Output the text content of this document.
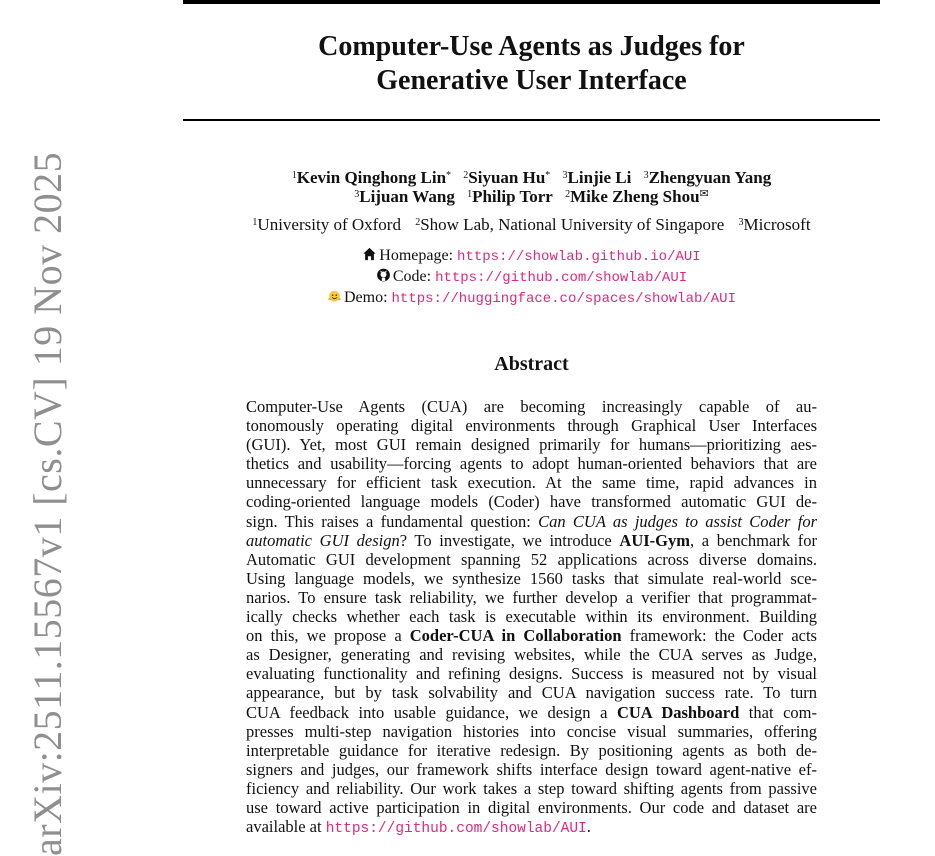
Computer-Use Agents as Judges for
Generative User Interface
$^1$Kevin Qinghong Lin* $^2$Siyuan Hu* $^3$Linjie Li $^3$Zhengyuan Yang
$^3$Lijuan Wang $^1$Philip Torr $^2$Mike Zheng Shou✉
$^1$University of Oxford $^2$Show Lab, National University of Singapore $^3$Microsoft
Homepage: https://showlab.github.io/AUI
Code: https://github.com/showlab/AUI
Demo: https://huggingface.co/spaces/showlab/AUI
Abstract
Computer-Use Agents (CUA) are becoming increasingly capable of au-
tonomously operating digital environments through Graphical User Interfaces
(GUI). Yet, most GUI remain designed primarily for humans—prioritizing aes-
thetics and usability—forcing agents to adopt human-oriented behaviors that are
unnecessary for efficient task execution. At the same time, rapid advances in
coding-oriented language models (Coder) have transformed automatic GUI de-
sign. This raises a fundamental question: Can CUA as judges to assist Coder for
automatic GUI design? To investigate, we introduce AUI-Gym, a benchmark for
Automatic GUI development spanning 52 applications across diverse domains.
Using language models, we synthesize 1560 tasks that simulate real-world sce-
narios. To ensure task reliability, we further develop a verifier that programmat-
ically checks whether each task is executable within its environment. Building
on this, we propose a Coder-CUA in Collaboration framework: the Coder acts
as Designer, generating and revising websites, while the CUA serves as Judge,
evaluating functionality and refining designs. Success is measured not by visual
appearance, but by task solvability and CUA navigation success rate. To turn
CUA feedback into usable guidance, we design a CUA Dashboard that com-
presses multi-step navigation histories into concise visual summaries, offering
interpretable guidance for iterative redesign. By positioning agents as both de-
signers and judges, our framework shifts interface design toward agent-native ef-
ficiency and reliability. Our work takes a step toward shifting agents from passive
use toward active participation in digital environments. Our code and dataset are
available at https://github.com/showlab/AUI.
arXiv:2511.15567v1 [cs.CV] 19 Nov 2025
